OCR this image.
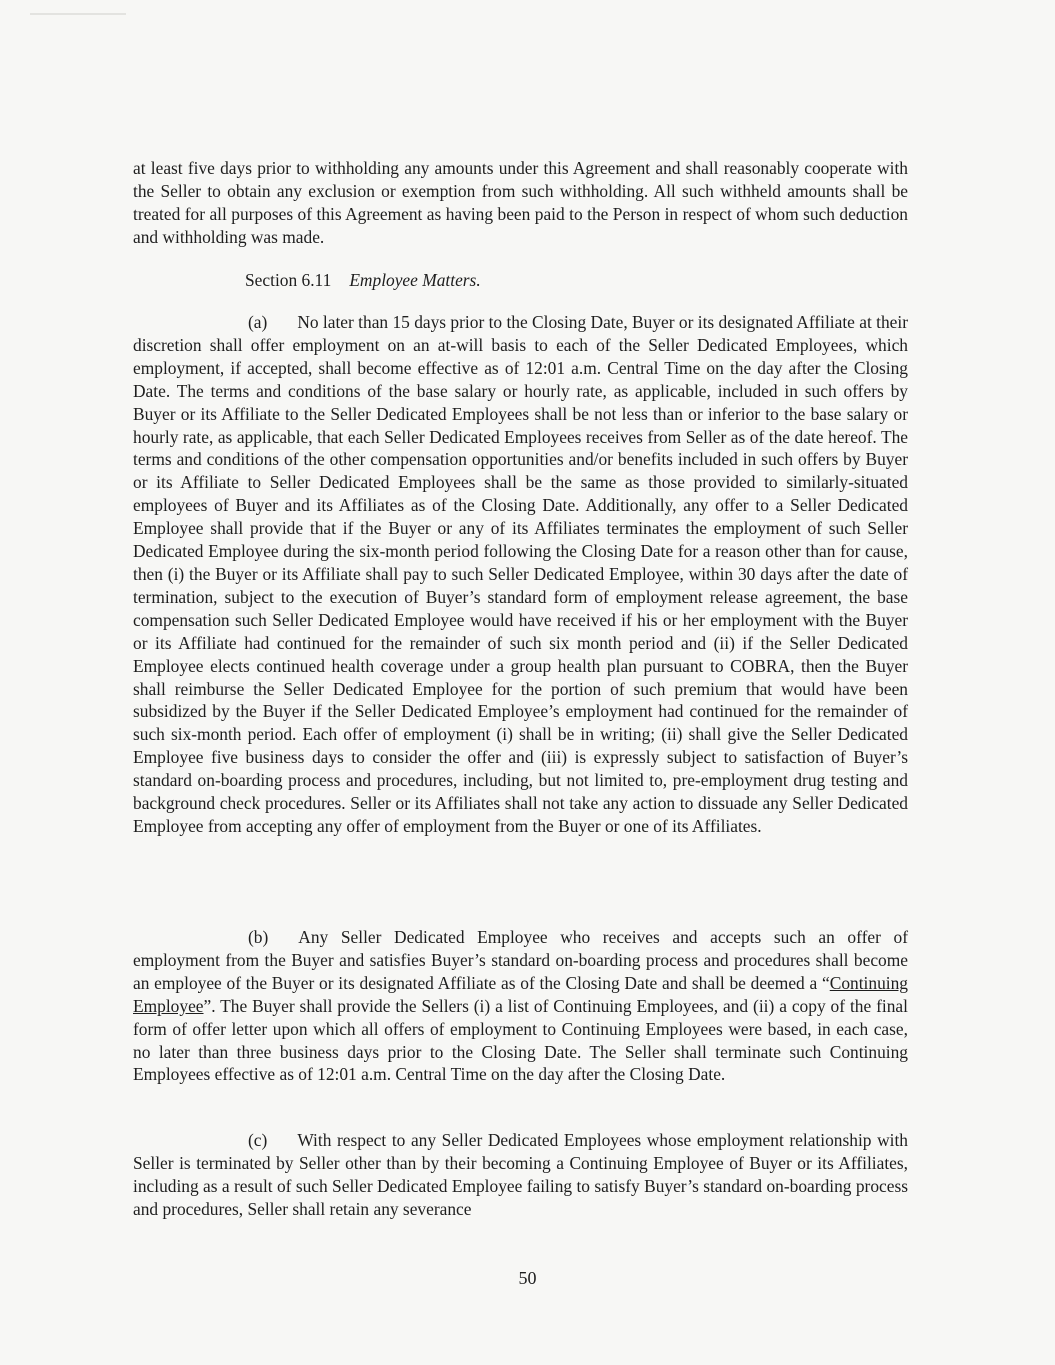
at least five days prior to withholding any amounts under this Agreement and shall reasonably cooperate with the Seller to obtain any exclusion or exemption from such withholding. All such withheld amounts shall be treated for all purposes of this Agreement as having been paid to the Person in respect of whom such deduction and withholding was made.

Section 6.11 Employee Matters.

(a) No later than 15 days prior to the Closing Date, Buyer or its designated Affiliate at their discretion shall offer employment on an at-will basis to each of the Seller Dedicated Employees, which employment, if accepted, shall become effective as of 12:01 a.m. Central Time on the day after the Closing Date. The terms and conditions of the base salary or hourly rate, as applicable, included in such offers by Buyer or its Affiliate to the Seller Dedicated Employees shall be not less than or inferior to the base salary or hourly rate, as applicable, that each Seller Dedicated Employees receives from Seller as of the date hereof. The terms and conditions of the other compensation opportunities and/or benefits included in such offers by Buyer or its Affiliate to Seller Dedicated Employees shall be the same as those provided to similarly-situated employees of Buyer and its Affiliates as of the Closing Date. Additionally, any offer to a Seller Dedicated Employee shall provide that if the Buyer or any of its Affiliates terminates the employment of such Seller Dedicated Employee during the six-month period following the Closing Date for a reason other than for cause, then (i) the Buyer or its Affiliate shall pay to such Seller Dedicated Employee, within 30 days after the date of termination, subject to the execution of Buyer’s standard form of employment release agreement, the base compensation such Seller Dedicated Employee would have received if his or her employment with the Buyer or its Affiliate had continued for the remainder of such six month period and (ii) if the Seller Dedicated Employee elects continued health coverage under a group health plan pursuant to COBRA, then the Buyer shall reimburse the Seller Dedicated Employee for the portion of such premium that would have been subsidized by the Buyer if the Seller Dedicated Employee’s employment had continued for the remainder of such six-month period. Each offer of employment (i) shall be in writing; (ii) shall give the Seller Dedicated Employee five business days to consider the offer and (iii) is expressly subject to satisfaction of Buyer’s standard on-boarding process and procedures, including, but not limited to, pre-employment drug testing and background check procedures. Seller or its Affiliates shall not take any action to dissuade any Seller Dedicated Employee from accepting any offer of employment from the Buyer or one of its Affiliates.

(b) Any Seller Dedicated Employee who receives and accepts such an offer of employment from the Buyer and satisfies Buyer’s standard on-boarding process and procedures shall become an employee of the Buyer or its designated Affiliate as of the Closing Date and shall be deemed a “Continuing Employee”. The Buyer shall provide the Sellers (i) a list of Continuing Employees, and (ii) a copy of the final form of offer letter upon which all offers of employment to Continuing Employees were based, in each case, no later than three business days prior to the Closing Date. The Seller shall terminate such Continuing Employees effective as of 12:01 a.m. Central Time on the day after the Closing Date.

(c) With respect to any Seller Dedicated Employees whose employment relationship with Seller is terminated by Seller other than by their becoming a Continuing Employee of Buyer or its Affiliates, including as a result of such Seller Dedicated Employee failing to satisfy Buyer’s standard on-boarding process and procedures, Seller shall retain any severance

50
